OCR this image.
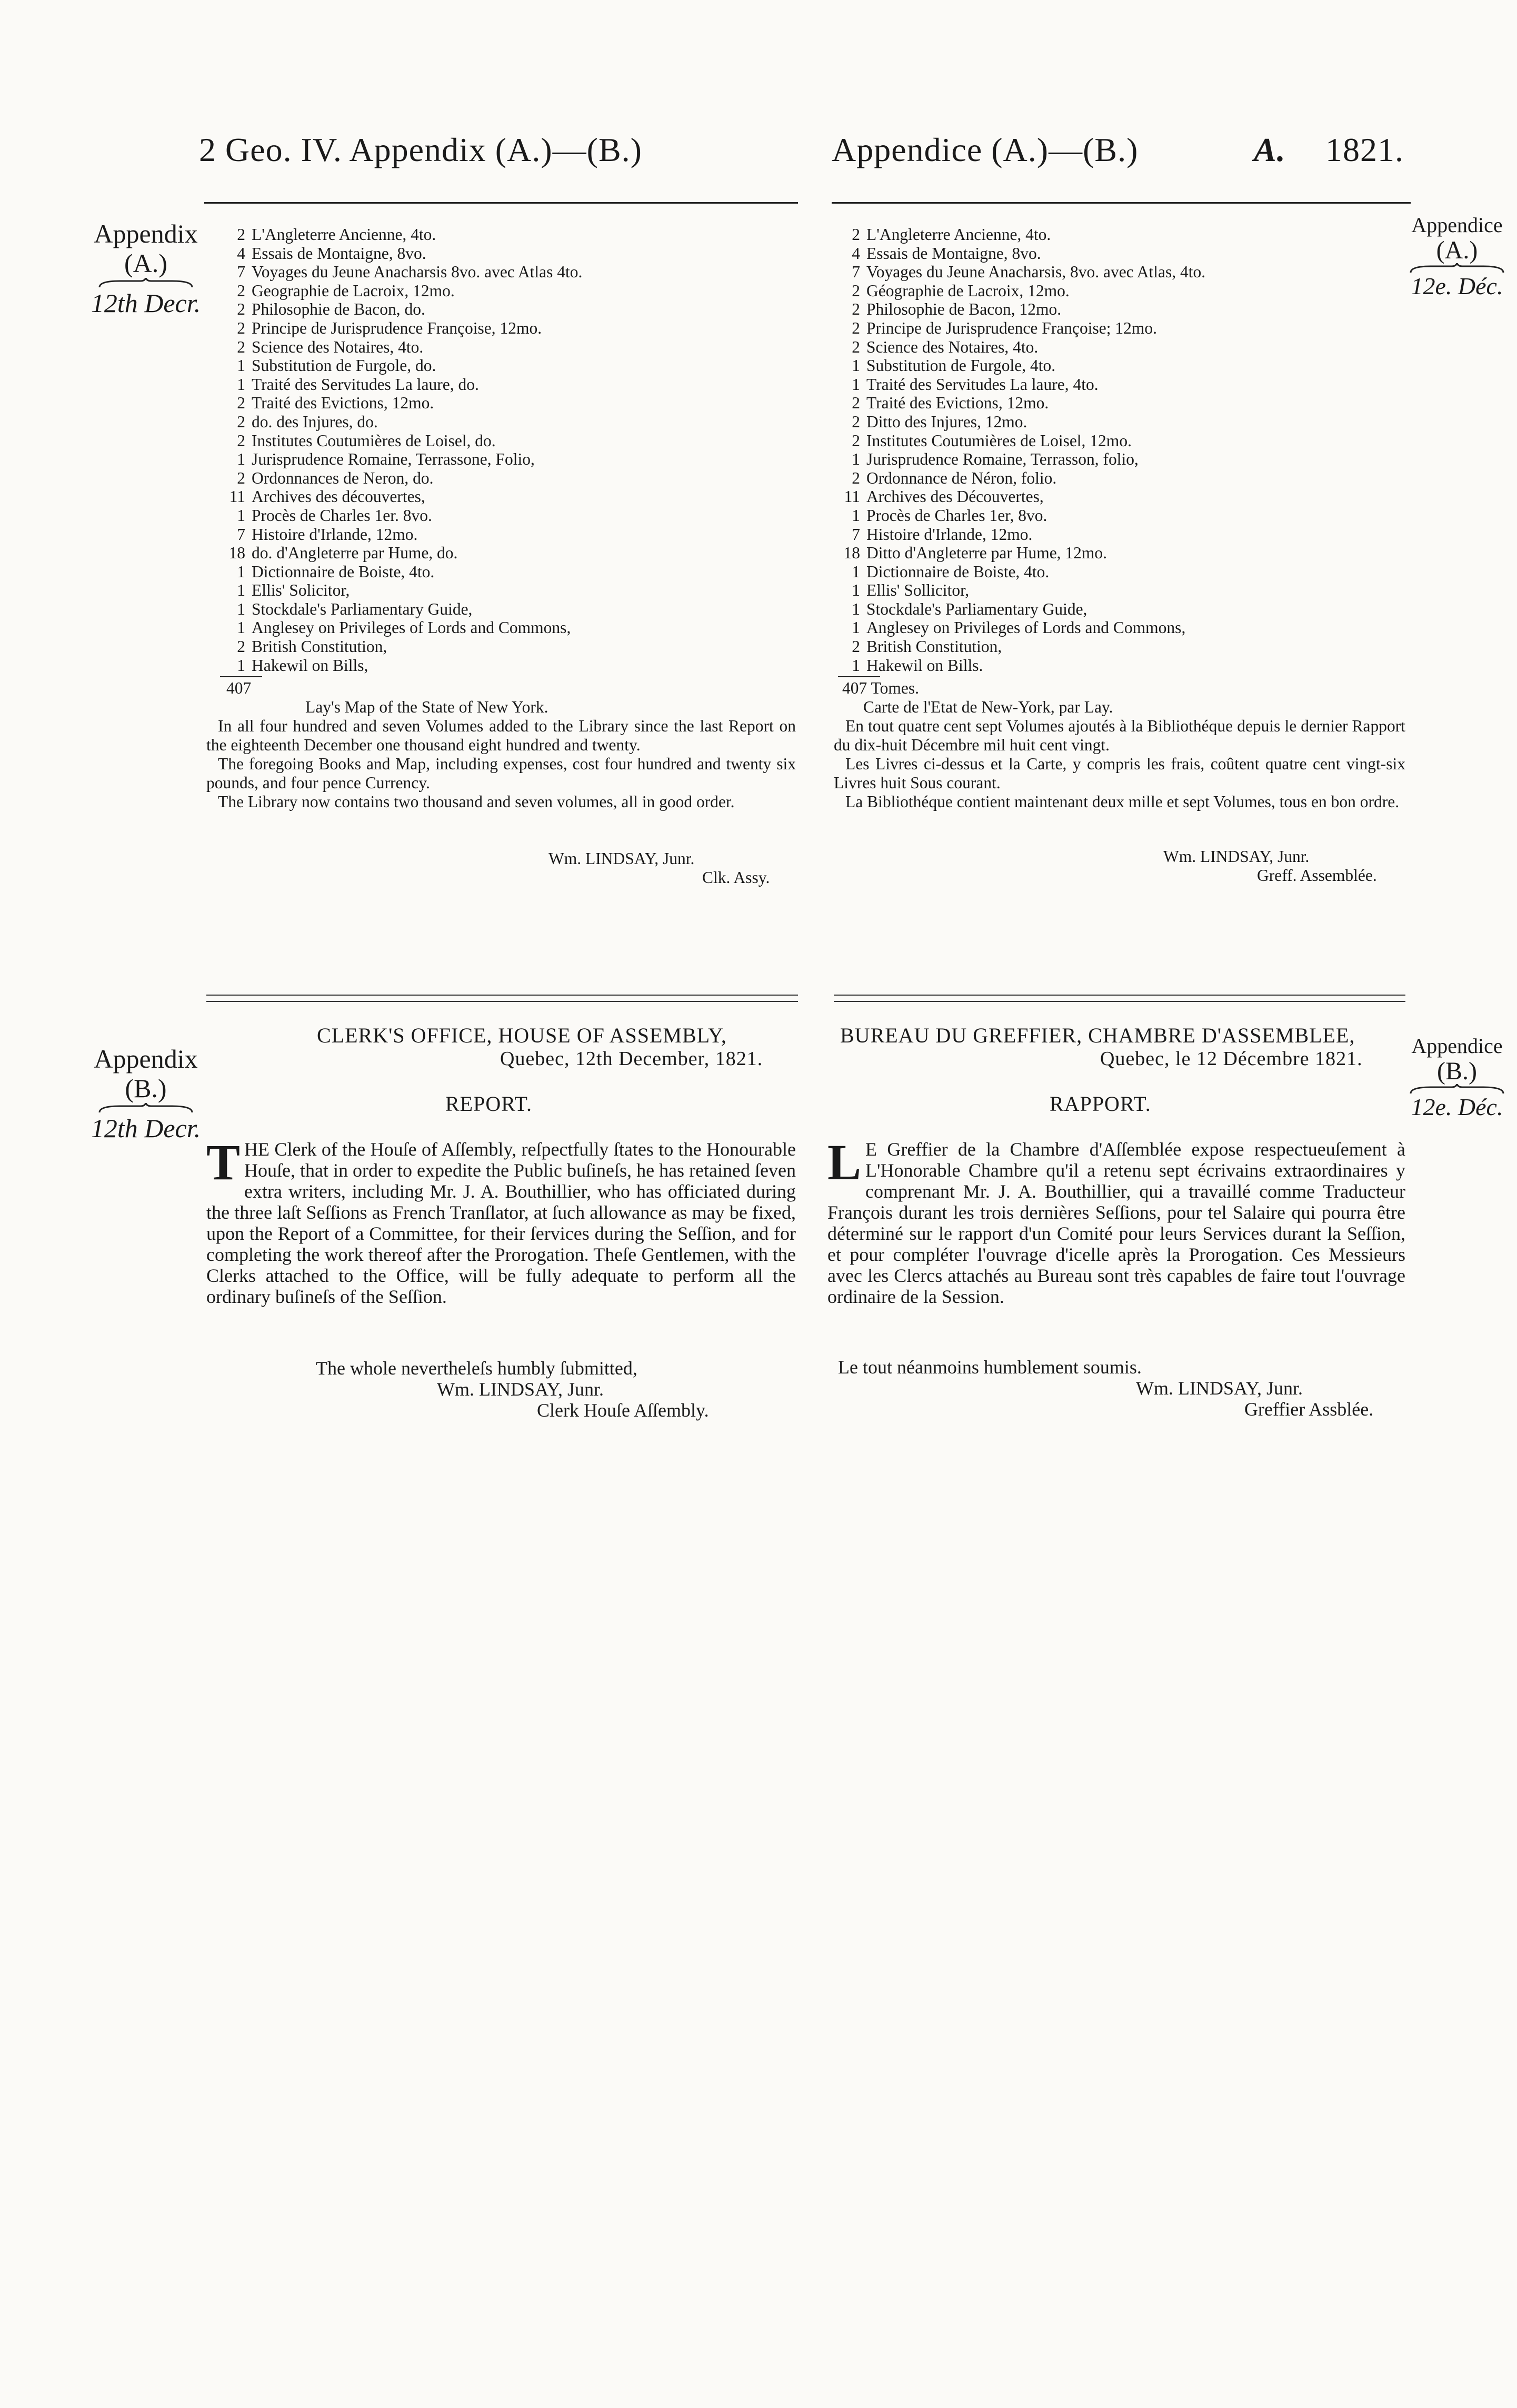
2 Geo. IV. Appendix (A.)—(B.)	Appendice (A.)—(B.)	A. 1821.
Appendix
(A.)
12th Decr.
Appendice
(A.)
12e. Déc.
2 L'Angleterre Ancienne, 4to.
4 Essais de Montaigne, 8vo.
7 Voyages du Jeune Anacharsis 8vo. avec Atlas 4to.
2 Geographie de Lacroix, 12mo.
2 Philosophie de Bacon, do.
2 Principe de Jurisprudence Françoise, 12mo.
2 Science des Notaires, 4to.
1 Substitution de Furgole, do.
1 Traité des Servitudes La laure, do.
2 Traité des Evictions, 12mo.
2 do. des Injures, do.
2 Institutes Coutumières de Loisel, do.
1 Jurisprudence Romaine, Terrassone, Folio,
2 Ordonnances de Neron, do.
11 Archives des découvertes,
1 Procès de Charles 1er. 8vo.
7 Histoire d'Irlande, 12mo.
18 do. d'Angleterre par Hume, do.
1 Dictionnaire de Boiste, 4to.
1 Ellis' Solicitor,
1 Stockdale's Parliamentary Guide,
1 Anglesey on Privileges of Lords and Commons,
2 British Constitution,
1 Hakewil on Bills,
407
Lay's Map of the State of New York.

In all four hundred and seven Volumes added to the Library since the last Report on the eighteenth December one thousand eight hundred and twenty.

The foregoing Books and Map, including expenses, cost four hundred and twenty six pounds, and four pence Currency.

The Library now contains two thousand and seven volumes, all in good order.

Wm. LINDSAY, Junr.
Clk. Assy.
2 L'Angleterre Ancienne, 4to.
4 Essais de Montaigne, 8vo.
7 Voyages du Jeune Anacharsis, 8vo. avec Atlas, 4to.
2 Géographie de Lacroix, 12mo.
2 Philosophie de Bacon, 12mo.
2 Principe de Jurisprudence Françoise; 12mo.
2 Science des Notaires, 4to.
1 Substitution de Furgole, 4to.
1 Traité des Servitudes La laure, 4to.
2 Traité des Evictions, 12mo.
2 Ditto des Injures, 12mo.
2 Institutes Coutumières de Loisel, 12mo.
1 Jurisprudence Romaine, Terrasson, folio,
2 Ordonnance de Néron, folio.
11 Archives des Découvertes,
1 Procès de Charles 1er, 8vo.
7 Histoire d'Irlande, 12mo.
18 Ditto d'Angleterre par Hume, 12mo.
1 Dictionnaire de Boiste, 4to.
1 Ellis' Sollicitor,
1 Stockdale's Parliamentary Guide,
1 Anglesey on Privileges of Lords and Commons,
2 British Constitution,
1 Hakewil on Bills.
407 Tomes.
Carte de l'Etat de New-York, par Lay.

En tout quatre cent sept Volumes ajoutés à la Bibliothéque depuis le dernier Rapport du dix-huit Décembre mil huit cent vingt.

Les Livres ci-dessus et la Carte, y compris les frais, coûtent quatre cent vingt-six Livres huit Sous courant.

La Bibliothéque contient maintenant deux mille et sept Volumes, tous en bon ordre.

Wm. LINDSAY, Junr.
Greff. Assemblée.
Appendix
(B.)
12th Decr.
Appendice
(B.)
12e. Déc.
CLERK'S OFFICE, HOUSE OF ASSEMBLY,
Quebec, 12th December, 1821.
REPORT.
THE Clerk of the Houſe of Aſſembly, reſpectfully ſtates to the Honourable Houſe, that in order to expedite the Public buſineſs, he has retained ſeven extra writers, including Mr. J. A. Bouthillier, who has officiated during the three laſt Seſſions as French Tranſlator, at ſuch allowance as may be fixed, upon the Report of a Committee, for their ſervices during the Seſſion, and for completing the work thereof after the Prorogation. Theſe Gentlemen, with the Clerks attached to the Office, will be fully adequate to perform all the ordinary buſineſs of the Seſſion.
The whole neverthelеſs humbly ſubmitted,
Wm. LINDSAY, Junr.
Clerk Houſe Aſſembly.
BUREAU DU GREFFIER, CHAMBRE D'ASSEMBLEE,
Quebec, le 12 Décembre 1821.
RAPPORT.
L E Greffier de la Chambre d'Aſſemblée expose respectueuſement à L'Honorable Chambre qu'il a retenu sept écrivains extraordinaires y comprenant Mr. J. A. Bouthillier, qui a travaillé comme Traducteur François durant les trois dernières Seſſions, pour tel Salaire qui pourra être déterminé sur le rapport d'un Comité pour leurs Services durant la Seſſion, et pour compléter l'ouvrage d'icelle après la Prorogation. Ces Messieurs avec les Clercs attachés au Bureau sont très capables de faire tout l'ouvrage ordinaire de la Session.
Le tout néanmoins humblement soumis.
Wm. LINDSAY, Junr.
Greffier Assblée.
